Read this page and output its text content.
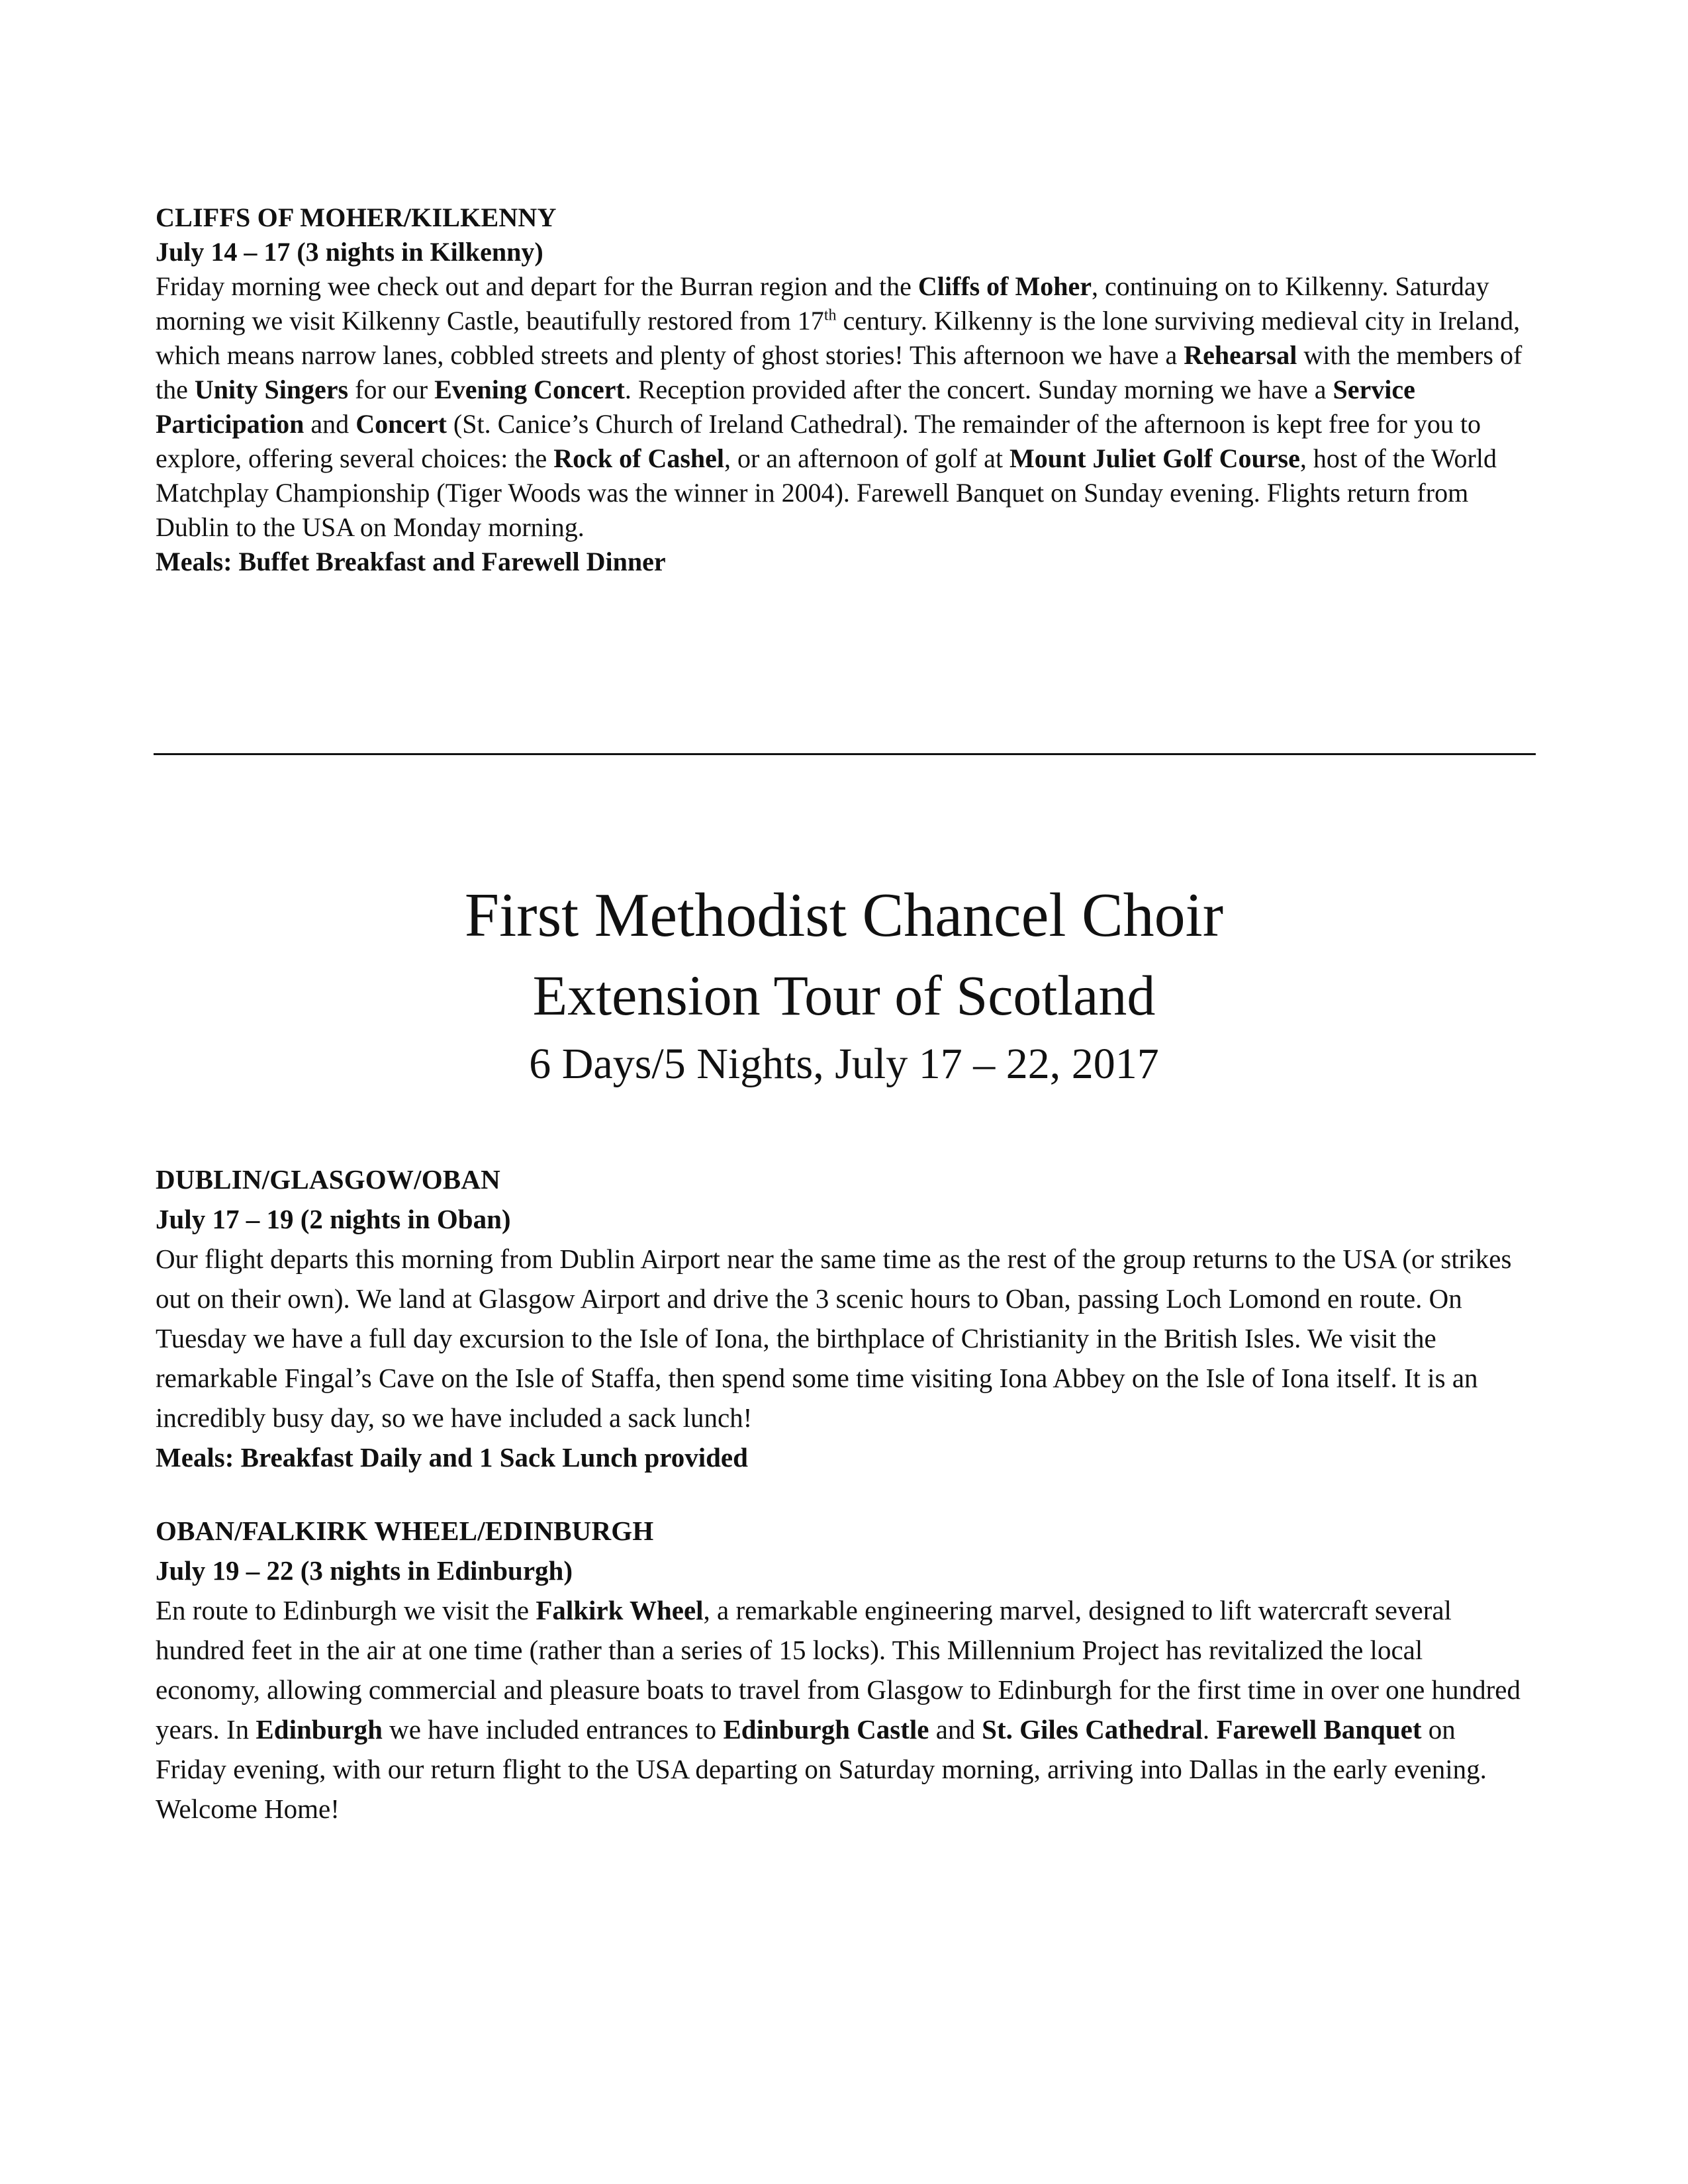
CLIFFS OF MOHER/KILKENNY

July 14 – 17 (3 nights in Kilkenny)

Friday morning wee check out and depart for the Burran region and the Cliffs of Moher, continuing on to Kilkenny. Saturday morning we visit Kilkenny Castle, beautifully restored from 17th century. Kilkenny is the lone surviving medieval city in Ireland, which means narrow lanes, cobbled streets and plenty of ghost stories! This afternoon we have a Rehearsal with the members of the Unity Singers for our Evening Concert. Reception provided after the concert. Sunday morning we have a Service Participation and Concert (St. Canice’s Church of Ireland Cathedral). The remainder of the afternoon is kept free for you to explore, offering several choices: the Rock of Cashel, or an afternoon of golf at Mount Juliet Golf Course, host of the World Matchplay Championship (Tiger Woods was the winner in 2004). Farewell Banquet on Sunday evening. Flights return from Dublin to the USA on Monday morning.

Meals: Buffet Breakfast and Farewell Dinner

First Methodist Chancel Choir

Extension Tour of Scotland

6 Days/5 Nights, July 17 – 22, 2017

DUBLIN/GLASGOW/OBAN

July 17 – 19 (2 nights in Oban)

Our flight departs this morning from Dublin Airport near the same time as the rest of the group returns to the USA (or strikes out on their own). We land at Glasgow Airport and drive the 3 scenic hours to Oban, passing Loch Lomond en route. On Tuesday we have a full day excursion to the Isle of Iona, the birthplace of Christianity in the British Isles. We visit the remarkable Fingal’s Cave on the Isle of Staffa, then spend some time visiting Iona Abbey on the Isle of Iona itself. It is an incredibly busy day, so we have included a sack lunch!

Meals: Breakfast Daily and 1 Sack Lunch provided

OBAN/FALKIRK WHEEL/EDINBURGH

July 19 – 22 (3 nights in Edinburgh)

En route to Edinburgh we visit the Falkirk Wheel, a remarkable engineering marvel, designed to lift watercraft several hundred feet in the air at one time (rather than a series of 15 locks). This Millennium Project has revitalized the local economy, allowing commercial and pleasure boats to travel from Glasgow to Edinburgh for the first time in over one hundred years. In Edinburgh we have included entrances to Edinburgh Castle and St. Giles Cathedral. Farewell Banquet on Friday evening, with our return flight to the USA departing on Saturday morning, arriving into Dallas in the early evening. Welcome Home!
